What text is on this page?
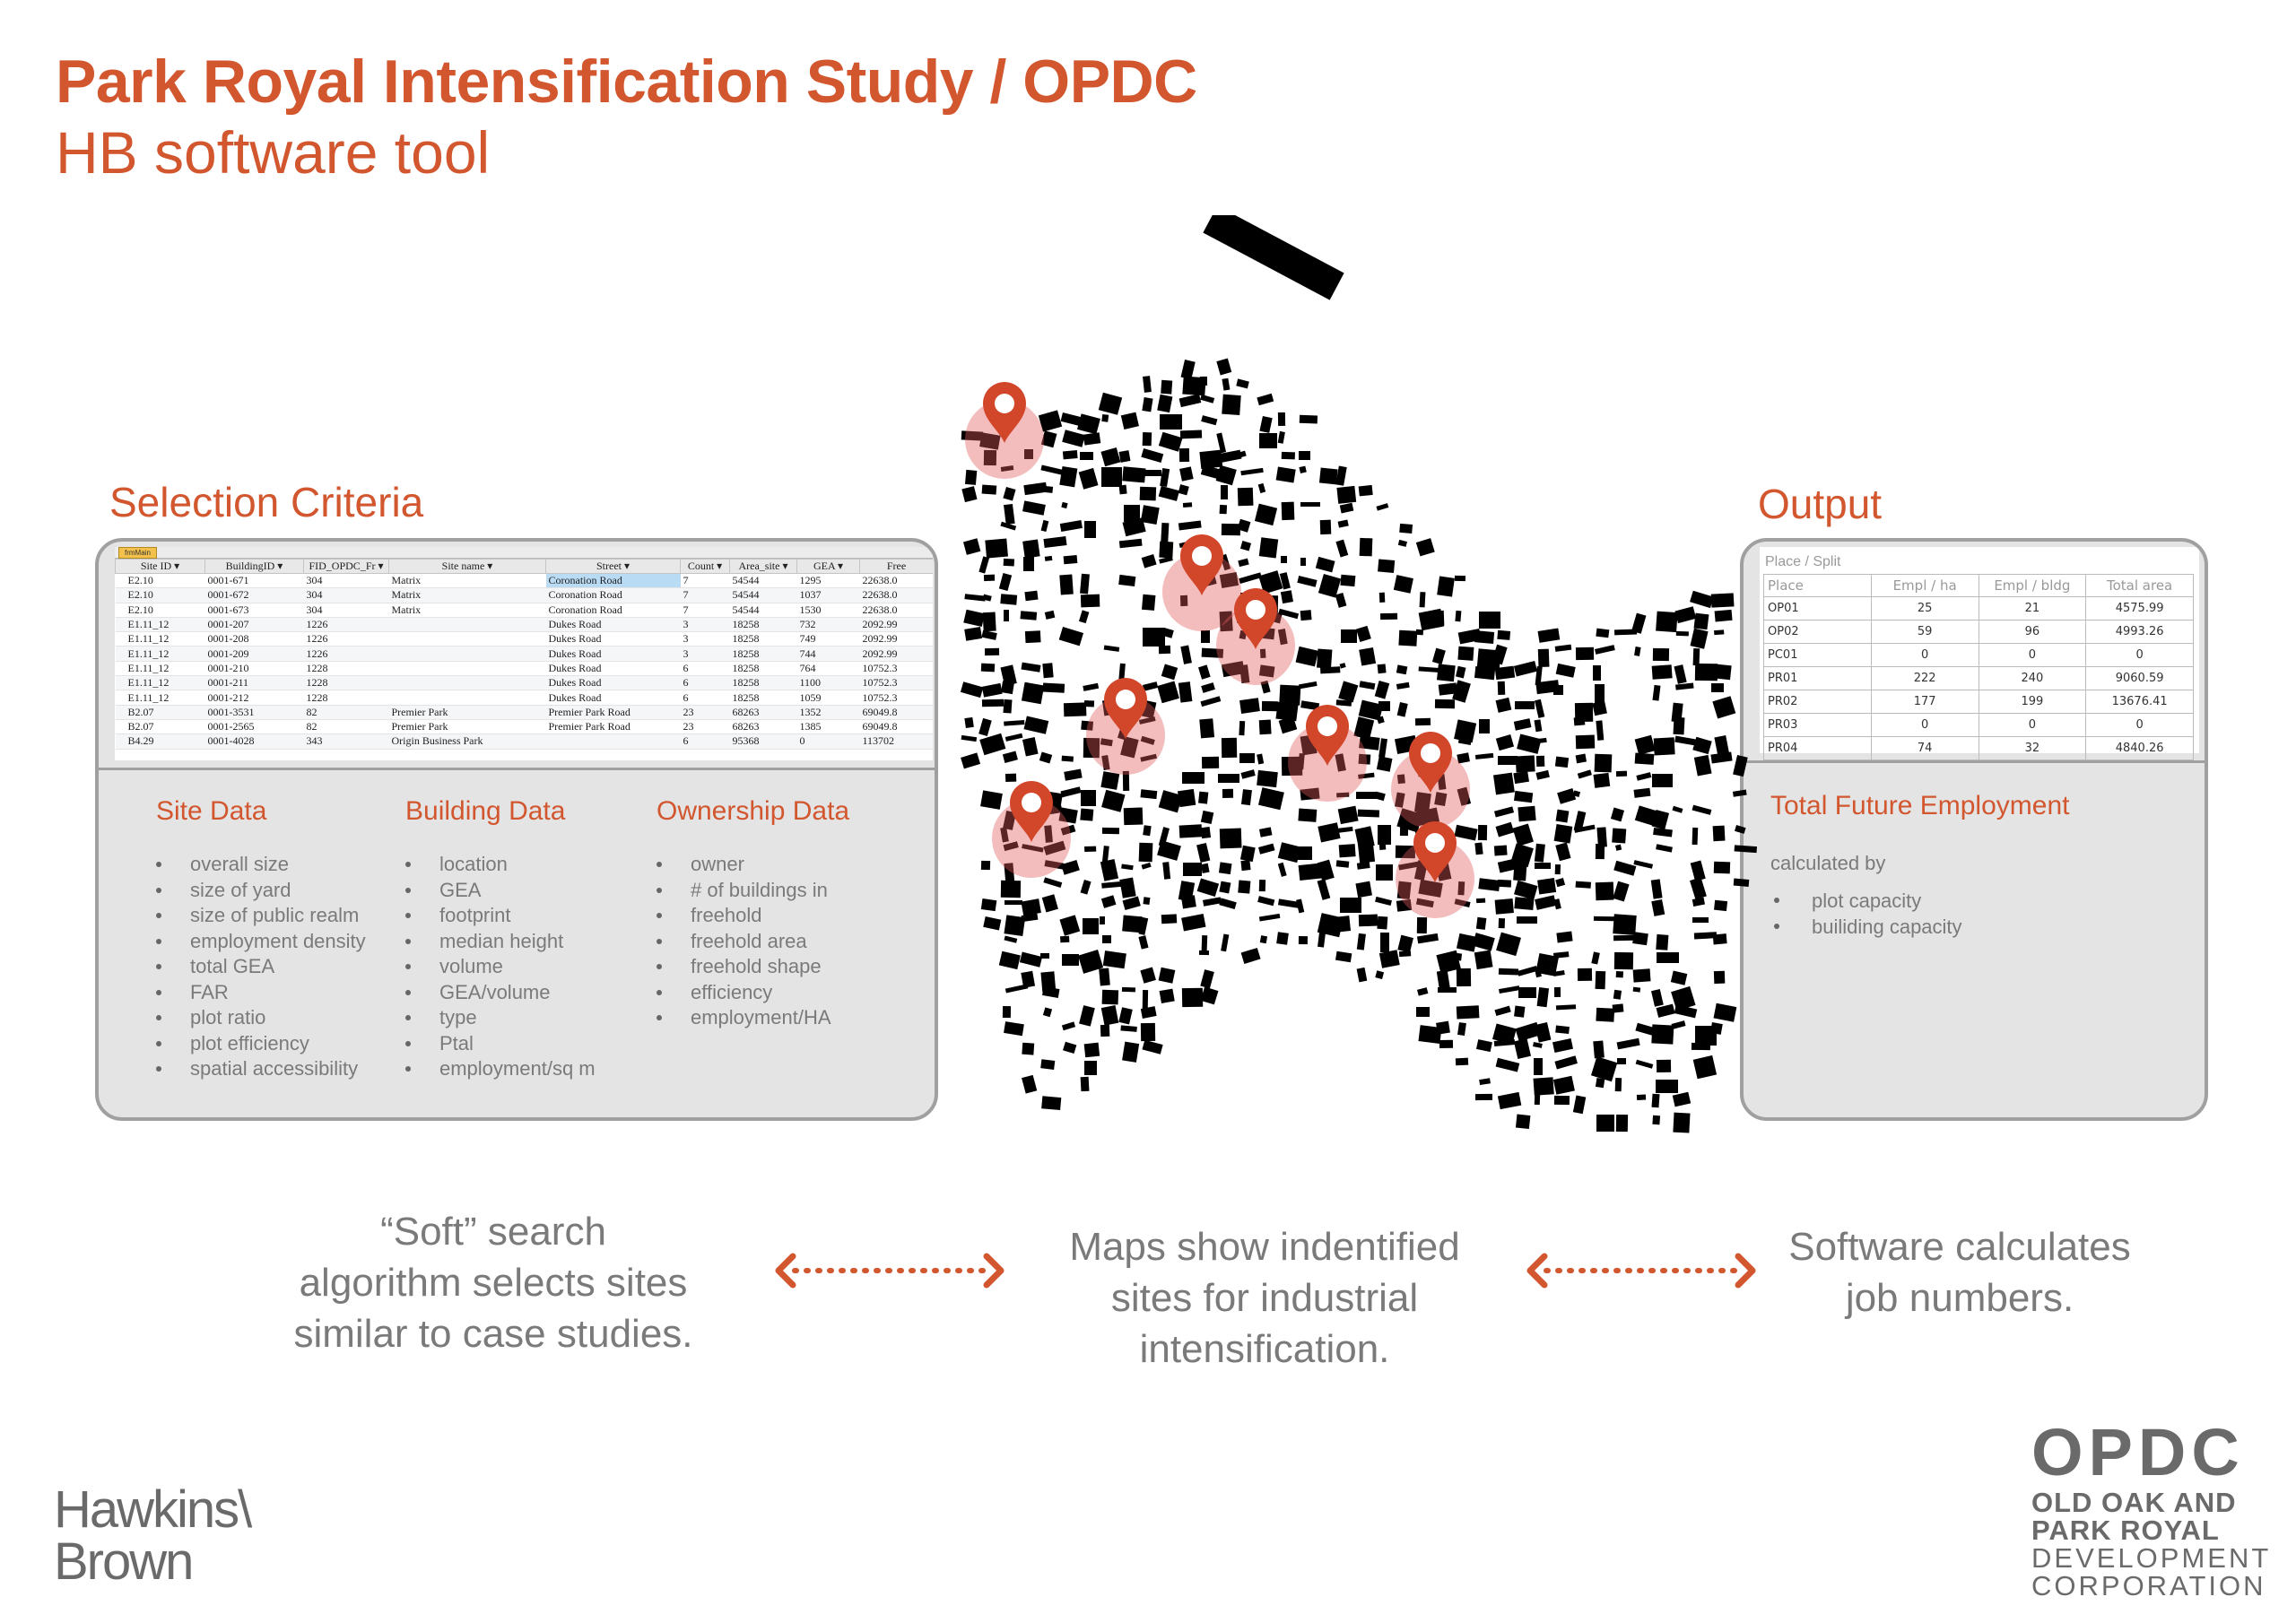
Park Royal Intensification Study / OPDC
HB software tool
Selection Criteria	Output
frmMain
Site ID ▾	BuildingID ▾	FID_OPDC_Fr ▾	Site name ▾	Street ▾	Count ▾	Area_site ▾	GEA ▾	Free
E2.10	0001-671	304	Matrix	Coronation Road	7	54544	1295	22638.0
E2.10	0001-672	304	Matrix	Coronation Road	7	54544	1037	22638.0
E2.10	0001-673	304	Matrix	Coronation Road	7	54544	1530	22638.0
E1.11_12	0001-207	1226		Dukes Road	3	18258	732	2092.99
E1.11_12	0001-208	1226		Dukes Road	3	18258	749	2092.99
E1.11_12	0001-209	1226		Dukes Road	3	18258	744	2092.99
E1.11_12	0001-210	1228		Dukes Road	6	18258	764	10752.3
E1.11_12	0001-211	1228		Dukes Road	6	18258	1100	10752.3
E1.11_12	0001-212	1228		Dukes Road	6	18258	1059	10752.3
B2.07	0001-3531	82	Premier Park	Premier Park Road	23	68263	1352	69049.8
B2.07	0001-2565	82	Premier Park	Premier Park Road	23	68263	1385	69049.8
B4.29	0001-4028	343	Origin Business Park		6	95368	0	113702
Site Data
overall size
size of yard
size of public realm
employment density
total GEA
FAR
plot ratio
plot efficiency
spatial accessibility
Building Data
location
GEA
footprint
median height
volume
GEA/volume
type
Ptal
employment/sq m
Ownership Data
owner
# of buildings in
freehold
freehold area
freehold shape
efficiency
employment/HA
Place / Split
Place	Empl / ha	Empl / bldg	Total area
OP01	25	21	4575.99
OP02	59	96	4993.26
PC01	0	0	0
PR01	222	240	9060.59
PR02	177	199	13676.41
PR03	0	0	0
PR04	74	32	4840.26
Total Future Employment
calculated by
plot capacity
builiding capacity
“Soft” search
algorithm selects sites
similar to case studies.
Maps show indentified
sites for industrial
intensification.
Software calculates
job numbers.
Hawkins\
Brown
OPDC
OLD OAK AND
PARK ROYAL
DEVELOPMENT
CORPORATION
